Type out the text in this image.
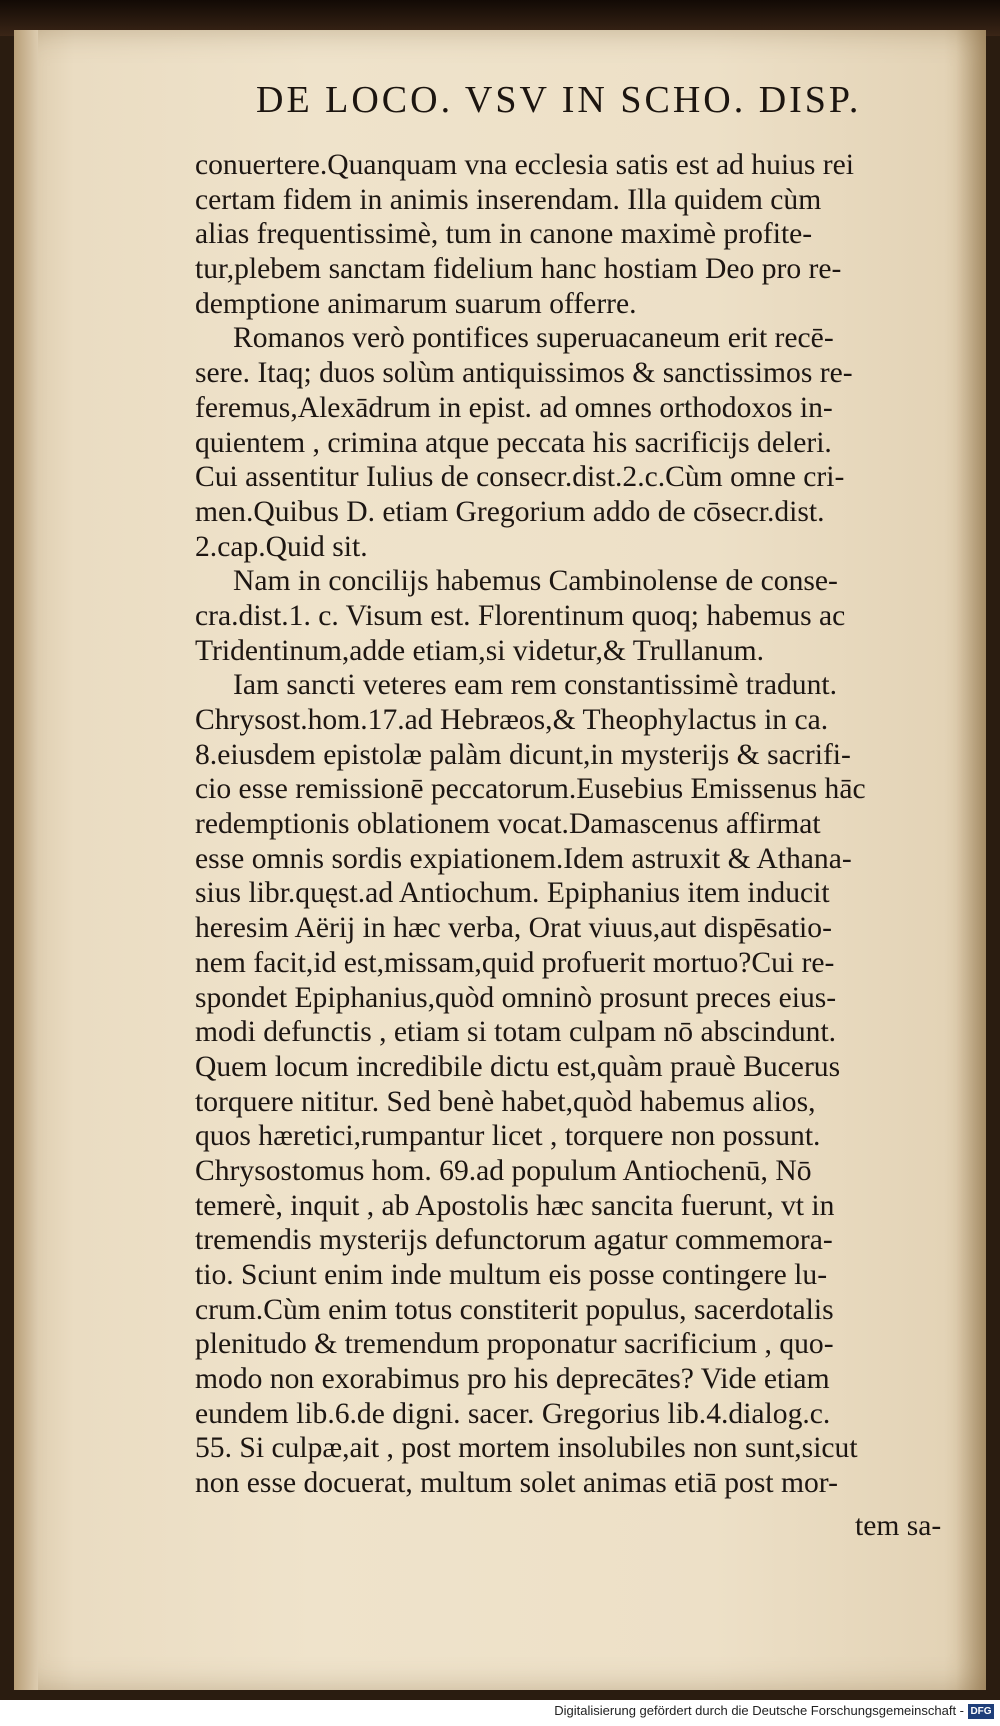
DE LOCO. VSV IN SCHO. DISP.
conuertere.Quanquam vna ecclesia satis est ad huius rei
certam fidem in animis inserendam. Illa quidem cùm
alias frequentissimè, tum in canone maximè profite-
tur,plebem sanctam fidelium hanc hostiam Deo pro re-
demptione animarum suarum offerre.
Romanos verò pontifices superuacaneum erit recē-
sere. Itaq; duos solùm antiquissimos & sanctissimos re-
feremus,Alexādrum in epist. ad omnes orthodoxos in-
quientem , crimina atque peccata his sacrificijs deleri.
Cui assentitur Iulius de consecr.dist.2.c.Cùm omne cri-
men.Quibus D. etiam Gregorium addo de cōsecr.dist.
2.cap.Quid sit.
Nam in concilijs habemus Cambinolense de conse-
cra.dist.1. c. Visum est. Florentinum quoq; habemus ac
Tridentinum,adde etiam,si videtur,& Trullanum.
Iam sancti veteres eam rem constantissimè tradunt.
Chrysost.hom.17.ad Hebræos,& Theophylactus in ca.
8.eiusdem epistolæ palàm dicunt,in mysterijs & sacrifi-
cio esse remissionē peccatorum.Eusebius Emissenus hāc
redemptionis oblationem vocat.Damascenus affirmat
esse omnis sordis expiationem.Idem astruxit & Athana-
sius libr.quęst.ad Antiochum. Epiphanius item inducit
heresim Aërij in hæc verba, Orat viuus,aut dispēsatio-
nem facit,id est,missam,quid profuerit mortuo?Cui re-
spondet Epiphanius,quòd omninò prosunt preces eius-
modi defunctis , etiam si totam culpam nō abscindunt.
Quem locum incredibile dictu est,quàm prauè Bucerus
torquere nititur. Sed benè habet,quòd habemus alios,
quos hæretici,rumpantur licet , torquere non possunt.
Chrysostomus hom. 69.ad populum Antiochenū, Nō
temerè, inquit , ab Apostolis hæc sancita fuerunt, vt in
tremendis mysterijs defunctorum agatur commemora-
tio. Sciunt enim inde multum eis posse contingere lu-
crum.Cùm enim totus constiterit populus, sacerdotalis
plenitudo & tremendum proponatur sacrificium , quo-
modo non exorabimus pro his deprecātes? Vide etiam
eundem lib.6.de digni. sacer. Gregorius lib.4.dialog.c.
55. Si culpæ,ait , post mortem insolubiles non sunt,sicut
non esse docuerat, multum solet animas etiā post mor-
tem sa-
Digitalisierung gefördert durch die Deutsche Forschungsgemeinschaft - DFG
